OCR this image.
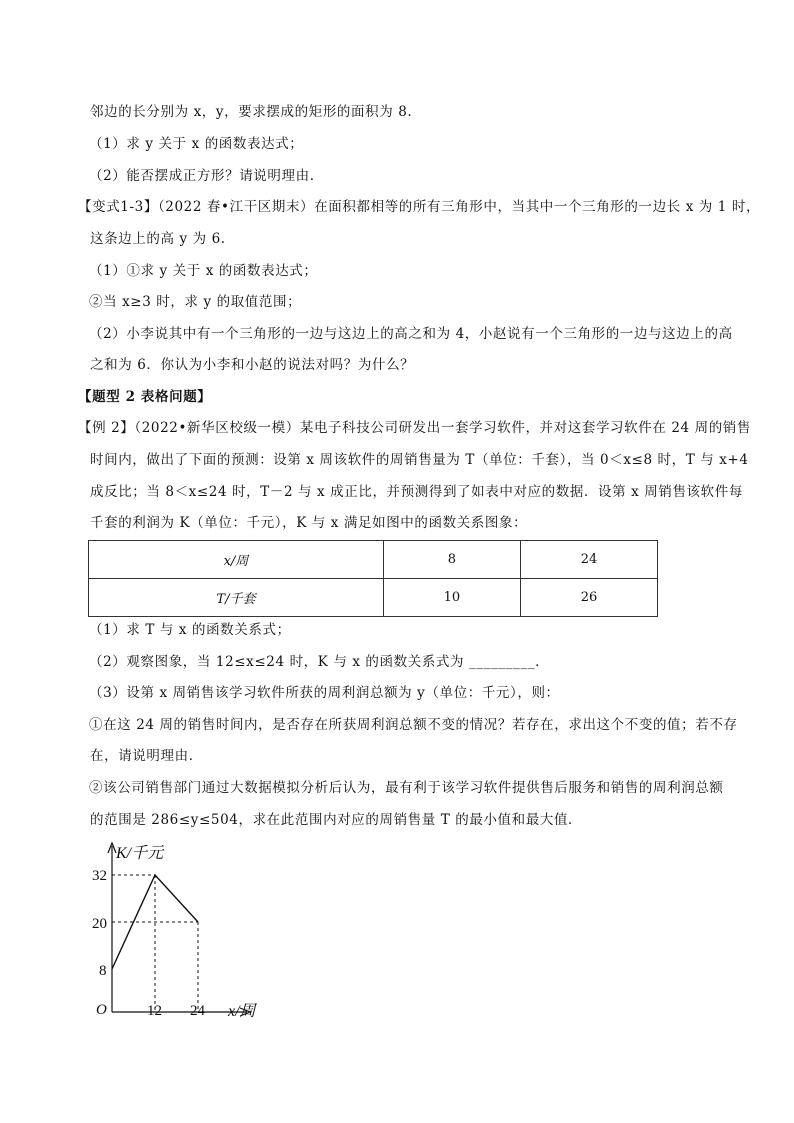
邻边的长分别为 x，y，要求摆成的矩形的面积为 8.
（1）求 y 关于 x 的函数表达式；
（2）能否摆成正方形？请说明理由.
【变式1-3】（2022 春•江干区期末）在面积都相等的所有三角形中，当其中一个三角形的一边长 x 为 1 时，
这条边上的高 y 为 6.
（1）①求 y 关于 x 的函数表达式；
②当 x≥3 时，求 y 的取值范围；
（2）小李说其中有一个三角形的一边与这边上的高之和为 4，小赵说有一个三角形的一边与这边上的高
之和为 6．你认为小李和小赵的说法对吗？为什么？
【题型 2 表格问题】
【例 2】（2022•新华区校级一模）某电子科技公司研发出一套学习软件，并对这套学习软件在 24 周的销售
时间内，做出了下面的预测：设第 x 周该软件的周销售量为 T（单位：千套），当 0＜x≤8 时，T 与 x+4
成反比；当 8＜x≤24 时，T－2 与 x 成正比，并预测得到了如表中对应的数据．设第 x 周销售该软件每
千套的利润为 K（单位：千元），K 与 x 满足如图中的函数关系图象：
x/周	8	24
T/千套	10	26
（1）求 T 与 x 的函数关系式；
（2）观察图象，当 12≤x≤24 时，K 与 x 的函数关系式为 _________．
（3）设第 x 周销售该学习软件所获的周利润总额为 y（单位：千元），则：
①在这 24 周的销售时间内，是否存在所获周利润总额不变的情况？若存在，求出这个不变的值；若不存
在，请说明理由．
②该公司销售部门通过大数据模拟分析后认为，最有利于该学习软件提供售后服务和销售的周利润总额
的范围是 286≤y≤504，求在此范围内对应的周销售量 T 的最小值和最大值．
K/千元
32
20
8
O	12 24 x/周
